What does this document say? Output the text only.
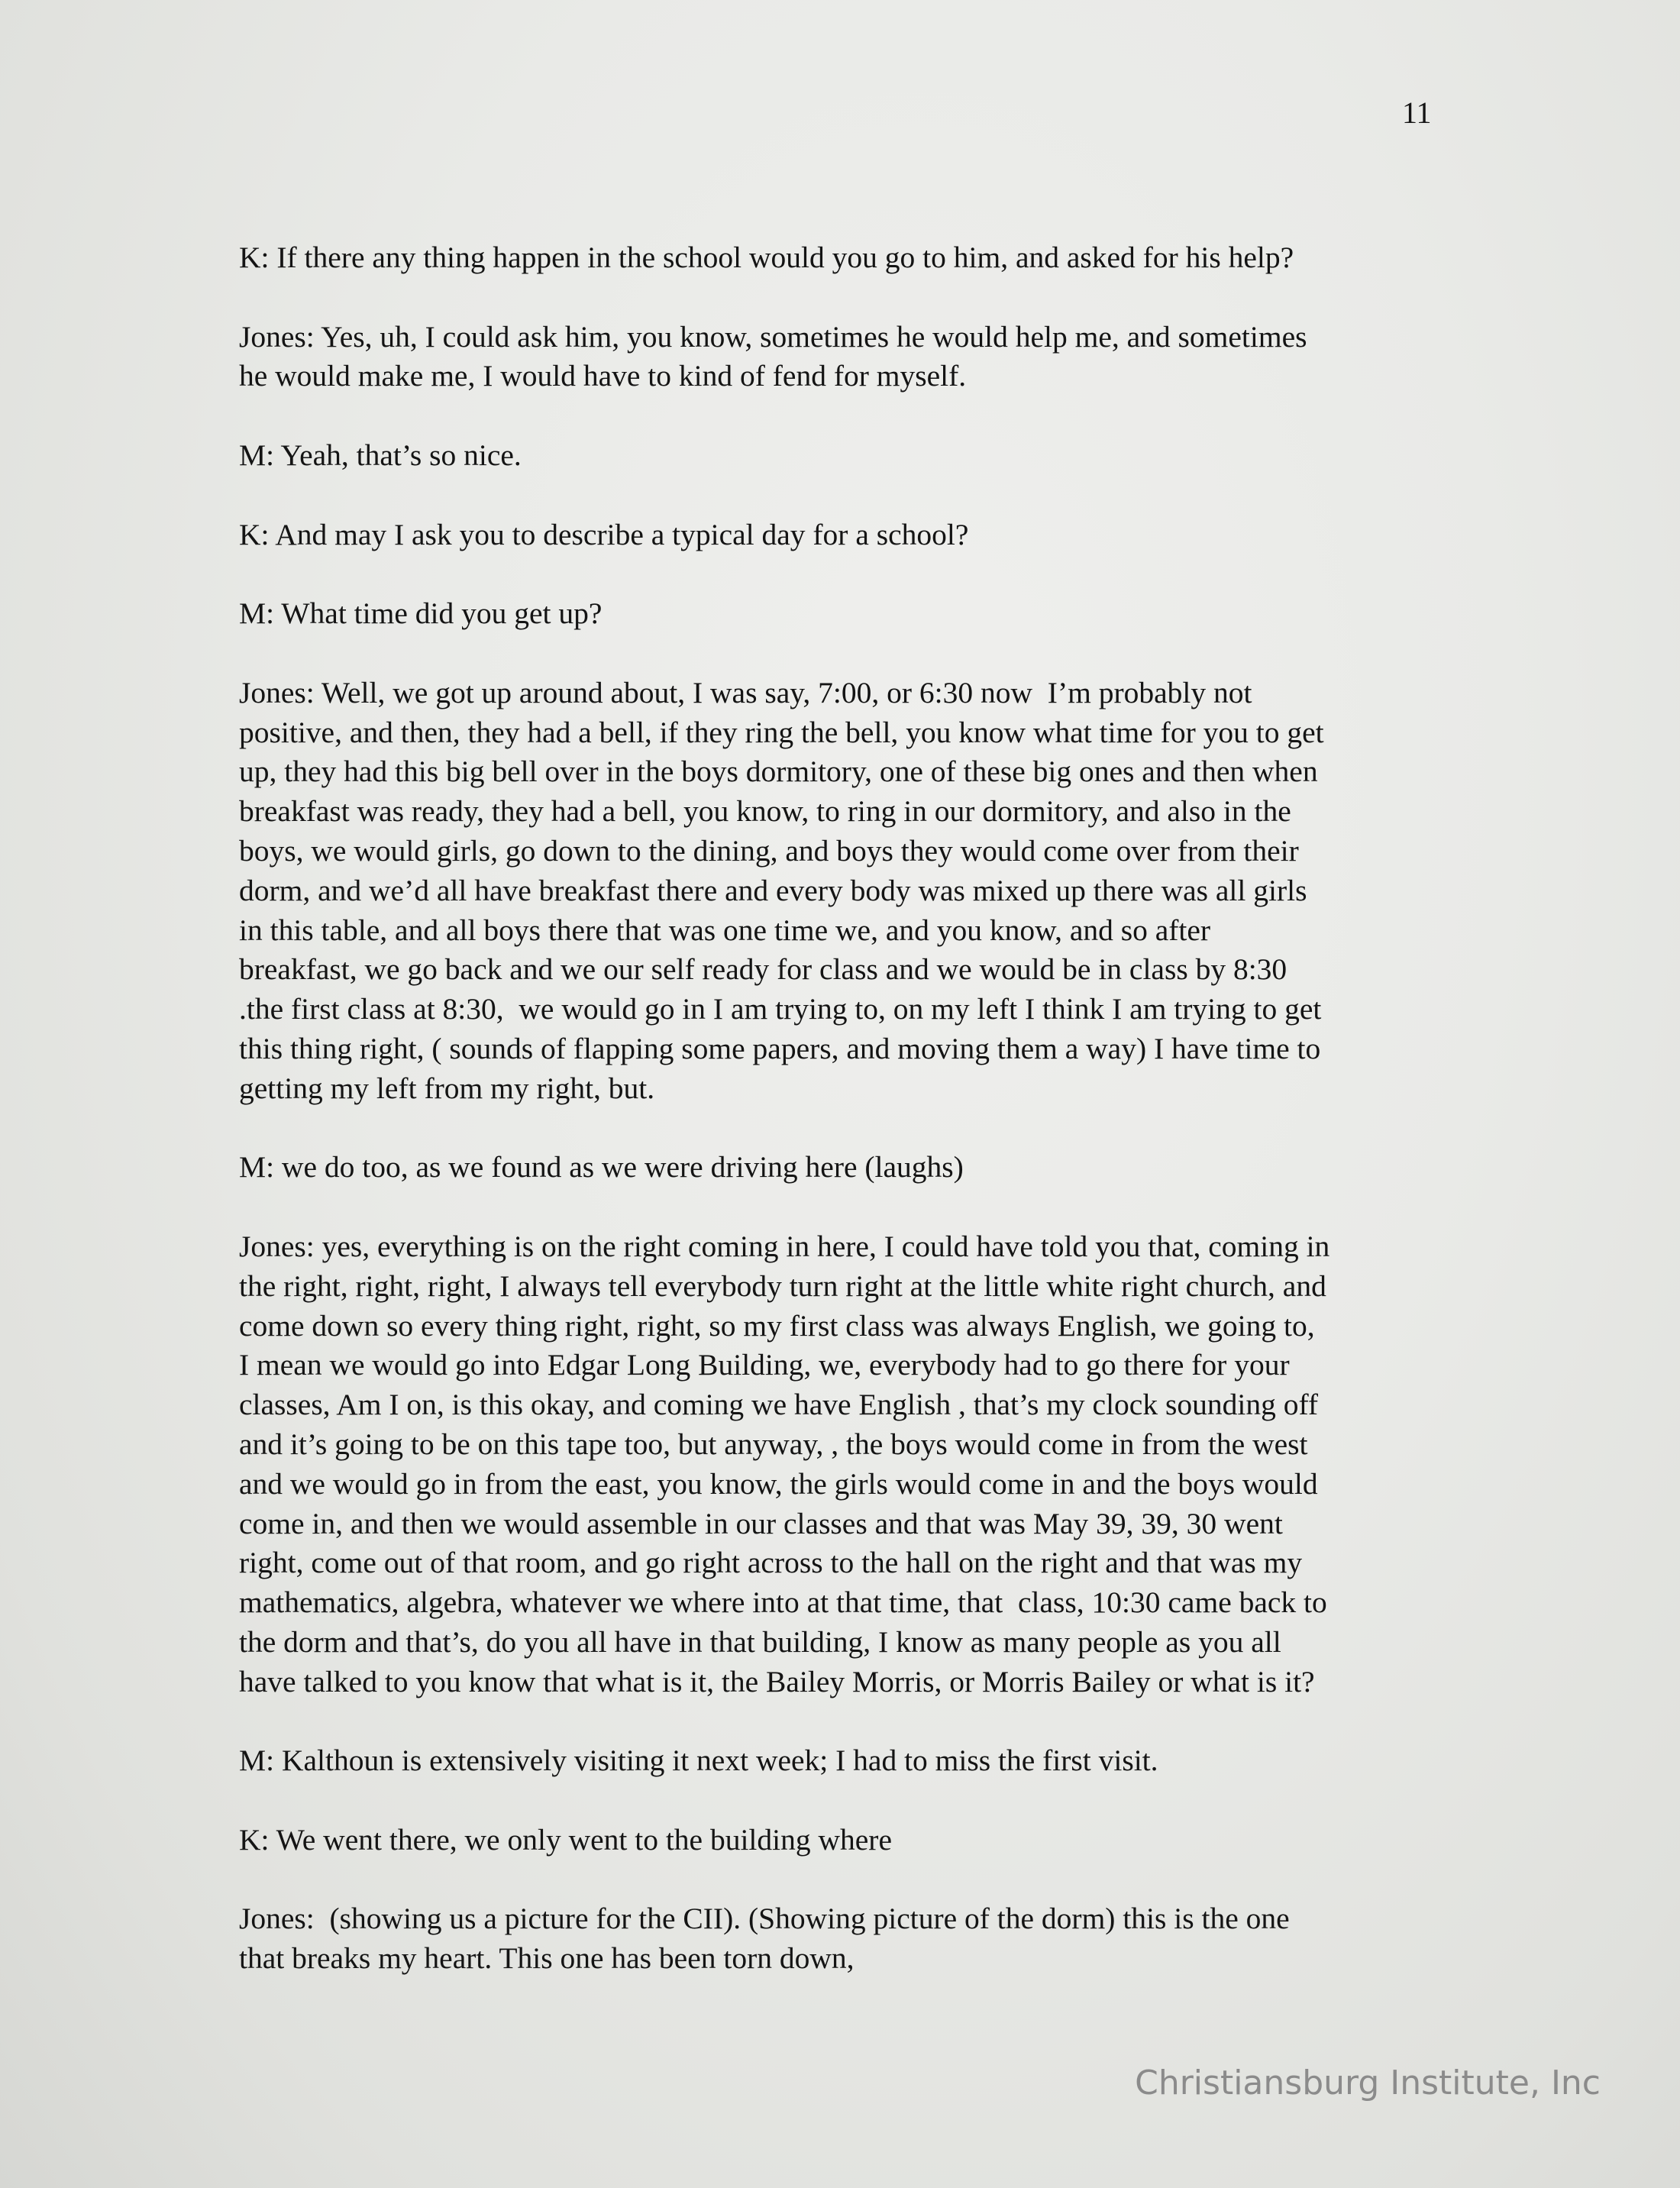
11
K: If there any thing happen in the school would you go to him, and asked for his help?
Jones: Yes, uh, I could ask him, you know, sometimes he would help me, and sometimes
he would make me, I would have to kind of fend for myself.
M: Yeah, that’s so nice.
K: And may I ask you to describe a typical day for a school?
M: What time did you get up?
Jones: Well, we got up around about, I was say, 7:00, or 6:30 now  I’m probably not
positive, and then, they had a bell, if they ring the bell, you know what time for you to get
up, they had this big bell over in the boys dormitory, one of these big ones and then when
breakfast was ready, they had a bell, you know, to ring in our dormitory, and also in the
boys, we would girls, go down to the dining, and boys they would come over from their
dorm, and we’d all have breakfast there and every body was mixed up there was all girls
in this table, and all boys there that was one time we, and you know, and so after
breakfast, we go back and we our self ready for class and we would be in class by 8:30
.the first class at 8:30,  we would go in I am trying to, on my left I think I am trying to get
this thing right, ( sounds of flapping some papers, and moving them a way) I have time to
getting my left from my right, but.
M: we do too, as we found as we were driving here (laughs)
Jones: yes, everything is on the right coming in here, I could have told you that, coming in
the right, right, right, I always tell everybody turn right at the little white right church, and
come down so every thing right, right, so my first class was always English, we going to,
I mean we would go into Edgar Long Building, we, everybody had to go there for your
classes, Am I on, is this okay, and coming we have English , that’s my clock sounding off
and it’s going to be on this tape too, but anyway, , the boys would come in from the west
and we would go in from the east, you know, the girls would come in and the boys would
come in, and then we would assemble in our classes and that was May 39, 39, 30 went
right, come out of that room, and go right across to the hall on the right and that was my
mathematics, algebra, whatever we where into at that time, that  class, 10:30 came back to
the dorm and that’s, do you all have in that building, I know as many people as you all
have talked to you know that what is it, the Bailey Morris, or Morris Bailey or what is it?
M: Kalthoun is extensively visiting it next week; I had to miss the first visit.
K: We went there, we only went to the building where
Jones:  (showing us a picture for the CII). (Showing picture of the dorm) this is the one
that breaks my heart. This one has been torn down,
Christiansburg Institute, Inc
